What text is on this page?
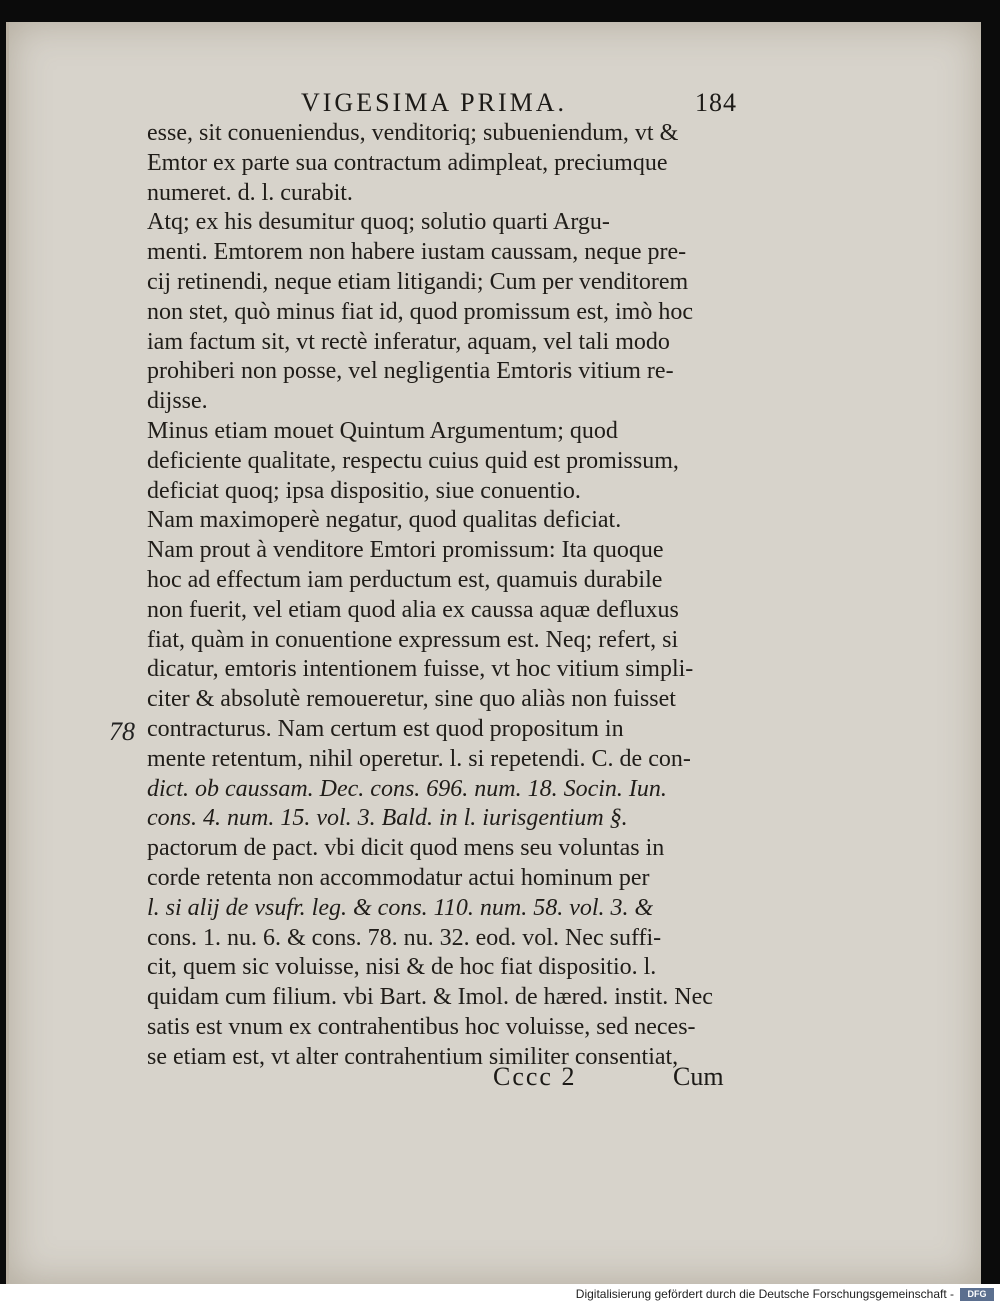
VIGESIMA PRIMA.	184
esse, sit conueniendus, venditoriq; subueniendum, vt &
Emtor ex parte sua contractum adimpleat, preciumque
numeret. d. l. curabit.
Atq; ex his desumitur quoq; solutio quarti Argu-
menti. Emtorem non habere iustam caussam, neque pre-
cij retinendi, neque etiam litigandi; Cum per venditorem
non stet, quò minus fiat id, quod promissum est, imò hoc
iam factum sit, vt rectè inferatur, aquam, vel tali modo
prohiberi non posse, vel negligentia Emtoris vitium re-
dijsse.
Minus etiam mouet Quintum Argumentum; quod
deficiente qualitate, respectu cuius quid est promissum,
deficiat quoq; ipsa dispositio, siue conuentio.
Nam maximoperè negatur, quod qualitas deficiat.
Nam prout à venditore Emtori promissum: Ita quoque
hoc ad effectum iam perductum est, quamuis durabile
non fuerit, vel etiam quod alia ex caussa aquæ defluxus
fiat, quàm in conuentione expressum est. Neq; refert, si
dicatur, emtoris intentionem fuisse, vt hoc vitium simpli-
citer & absolutè remoueretur, sine quo aliàs non fuisset
contracturus. Nam certum est quod propositum in
mente retentum, nihil operetur. l. si repetendi. C. de con-
dict. ob caussam. Dec. cons. 696. num. 18. Socin. Iun.
cons. 4. num. 15. vol. 3. Bald. in l. iurisgentium §.
pactorum de pact. vbi dicit quod mens seu voluntas in
corde retenta non accommodatur actui hominum per
l. si alij de vsufr. leg. & cons. 110. num. 58. vol. 3. &
cons. 1. nu. 6. & cons. 78. nu. 32. eod. vol. Nec suffi-
cit, quem sic voluisse, nisi & de hoc fiat dispositio. l.
quidam cum filium. vbi Bart. & Imol. de hæred. instit. Nec
satis est vnum ex contrahentibus hoc voluisse, sed neces-
se etiam est, vt alter contrahentium similiter consentiat,
78
Cccc 2	Cum
Digitalisierung gefördert durch die Deutsche Forschungsgemeinschaft -	DFG
